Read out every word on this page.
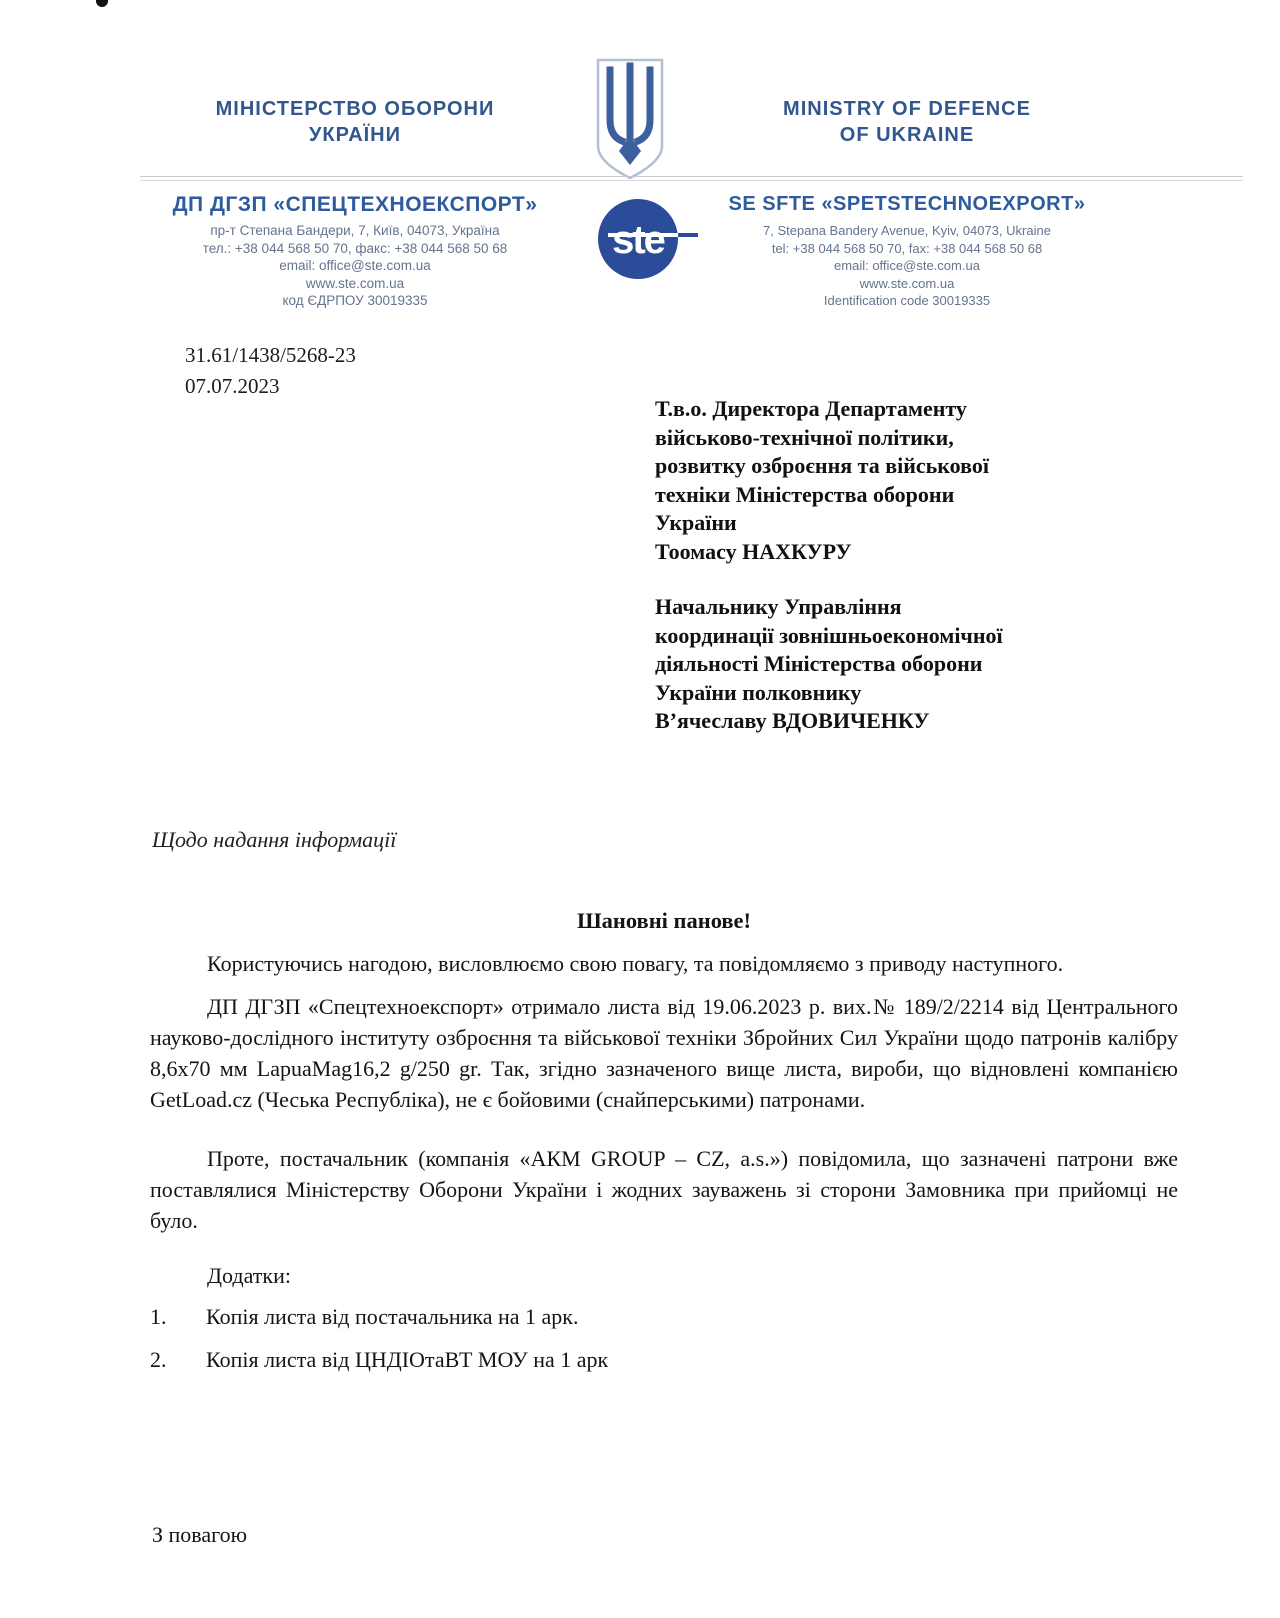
МІНІСТЕРСТВО ОБОРОНИ
УКРАЇНИ
MINISTRY OF DEFENCE
OF UKRAINE
ДП ДГЗП «СПЕЦТЕХНОЕКСПОРТ»
пр-т Степана Бандери, 7, Київ, 04073, Україна
тел.: +38 044 568 50 70, факс: +38 044 568 50 68
email: office@ste.com.ua
www.ste.com.ua
код ЄДРПОУ 30019335
ste
SE SFTE «SPETSTECHNOEXPORT»
7, Stepana Bandery Avenue, Kyiv, 04073, Ukraine
tel: +38 044 568 50 70, fax: +38 044 568 50 68
email: office@ste.com.ua
www.ste.com.ua
Identification code 30019335
31.61/1438/5268-23
07.07.2023
Т.в.о. Директора Департаменту
військово-технічної політики,
розвитку озброєння та військової
техніки Міністерства оборони
України
Тоомасу НАХКУРУ
Начальнику Управління
координації зовнішньоекономічної
діяльності Міністерства оборони
України полковнику
В’ячеславу ВДОВИЧЕНКУ
Щодо надання інформації

Шановні панове!

Користуючись нагодою, висловлюємо свою повагу, та повідомляємо з приводу наступного.

ДП ДГЗП «Спецтехноекспорт» отримало листа від 19.06.2023 р. вих.№ 189/2/2214 від Центрального науково-дослідного інституту озброєння та військової техніки Збройних Сил України щодо патронів калібру 8,6х70 мм LapuaMag16,2 g/250 gr. Так, згідно зазначеного вище листа, вироби, що відновлені компанією GetLoad.cz (Чеська Республіка), не є бойовими (снайперськими) патронами.

Проте, постачальник (компанія «АКМ GROUP – CZ, a.s.») повідомила, що зазначені патрони вже поставлялися Міністерству Оборони України і жодних зауважень зі сторони Замовника при прийомці не було.

Додатки:

1.	Копія листа від постачальника на 1 арк.
2.	Копія листа від ЦНДІОтаВТ МОУ на 1 арк
З повагою
